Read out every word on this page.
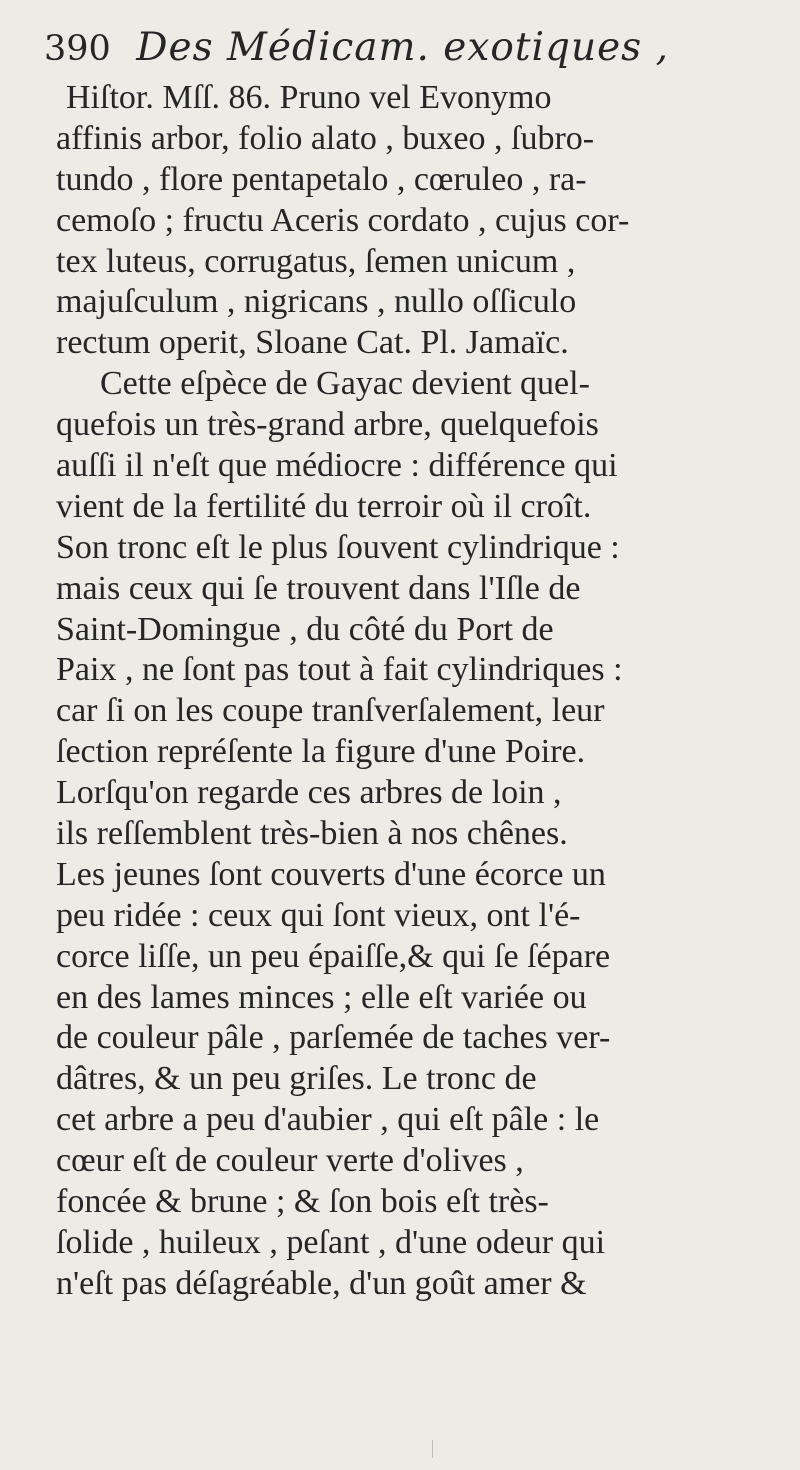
390 Des Médicam. exotiques ,
Hiſtor. Mſſ. 86. Pruno vel Evonymo
affinis arbor, folio alato , buxeo , ſubro-
tundo , flore pentapetalo , cœruleo , ra-
cemoſo ; fructu Aceris cordato , cujus cor-
tex luteus, corrugatus, ſemen unicum ,
majuſculum , nigricans , nullo oſſiculo
rectum operit, Sloane Cat. Pl. Jamaïc.
Cette eſpèce de Gayac devient quel-
quefois un très-grand arbre, quelquefois
auſſi il n'eſt que médiocre : différence qui
vient de la fertilité du terroir où il croît.
Son tronc eſt le plus ſouvent cylindrique :
mais ceux qui ſe trouvent dans l'Iſle de
Saint-Domingue , du côté du Port de
Paix , ne ſont pas tout à fait cylindriques :
car ſi on les coupe tranſverſalement, leur
ſection repréſente la figure d'une Poire.
Lorſqu'on regarde ces arbres de loin ,
ils reſſemblent très-bien à nos chênes.
Les jeunes ſont couverts d'une écorce un
peu ridée : ceux qui ſont vieux, ont l'é-
corce liſſe, un peu épaiſſe,& qui ſe ſépare
en des lames minces ; elle eſt variée ou
de couleur pâle , parſemée de taches ver-
dâtres, & un peu griſes. Le tronc de
cet arbre a peu d'aubier , qui eſt pâle : le
cœur eſt de couleur verte d'olives ,
foncée & brune ; & ſon bois eſt très-
ſolide , huileux , peſant , d'une odeur qui
n'eſt pas déſagréable, d'un goût amer &
